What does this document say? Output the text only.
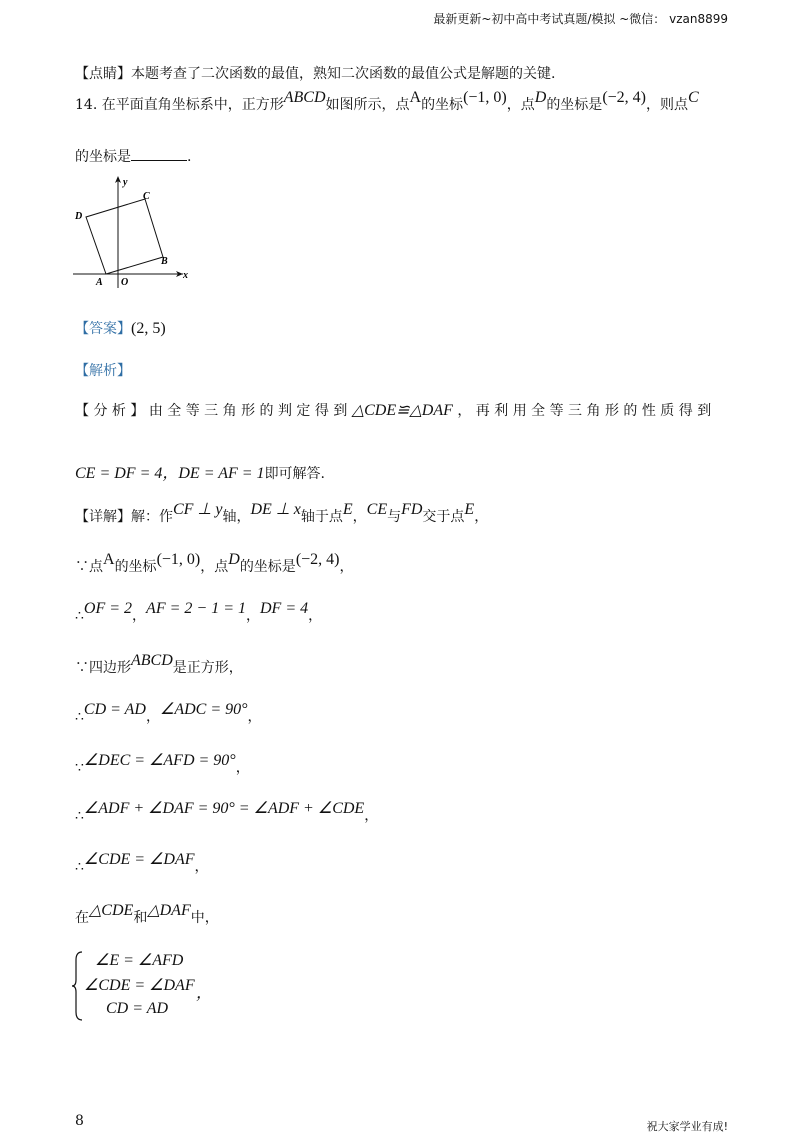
最新更新~初中高中考试真题/模拟 ~微信： vzan8899
【点睛】本题考查了二次函数的最值，熟知二次函数的最值公式是解题的关键.
14. 在平面直角坐标系中，正方形ABCD如图所示，点A的坐标(−1, 0)，点D的坐标是(−2, 4)，则点C
的坐标是	.
y
x
C
D
B
A O
【答案】(2, 5)
【解析】
【 分 析 】 由 全 等 三 角 形 的 判 定 得 到 △CDE≌△DAF ， 再 利 用 全 等 三 角 形 的 性 质 得 到
CE = DF = 4，DE = AF = 1即可解答.
【详解】解：作CF ⊥ y轴，DE ⊥ x轴于点E，CE与FD交于点E，
∵点A的坐标(−1, 0)，点D的坐标是(−2, 4)，
∴OF = 2，AF = 2 − 1 = 1，DF = 4，
∵四边形ABCD是正方形，
∴CD = AD，∠ADC = 90°，
∵∠DEC = ∠AFD = 90°，
∴∠ADF + ∠DAF = 90° = ∠ADF + ∠CDE，
∴∠CDE = ∠DAF，
在△CDE和△DAF中，
∠E = ∠AFD
∠CDE = ∠DAF ，
CD = AD
8	祝大家学业有成!
